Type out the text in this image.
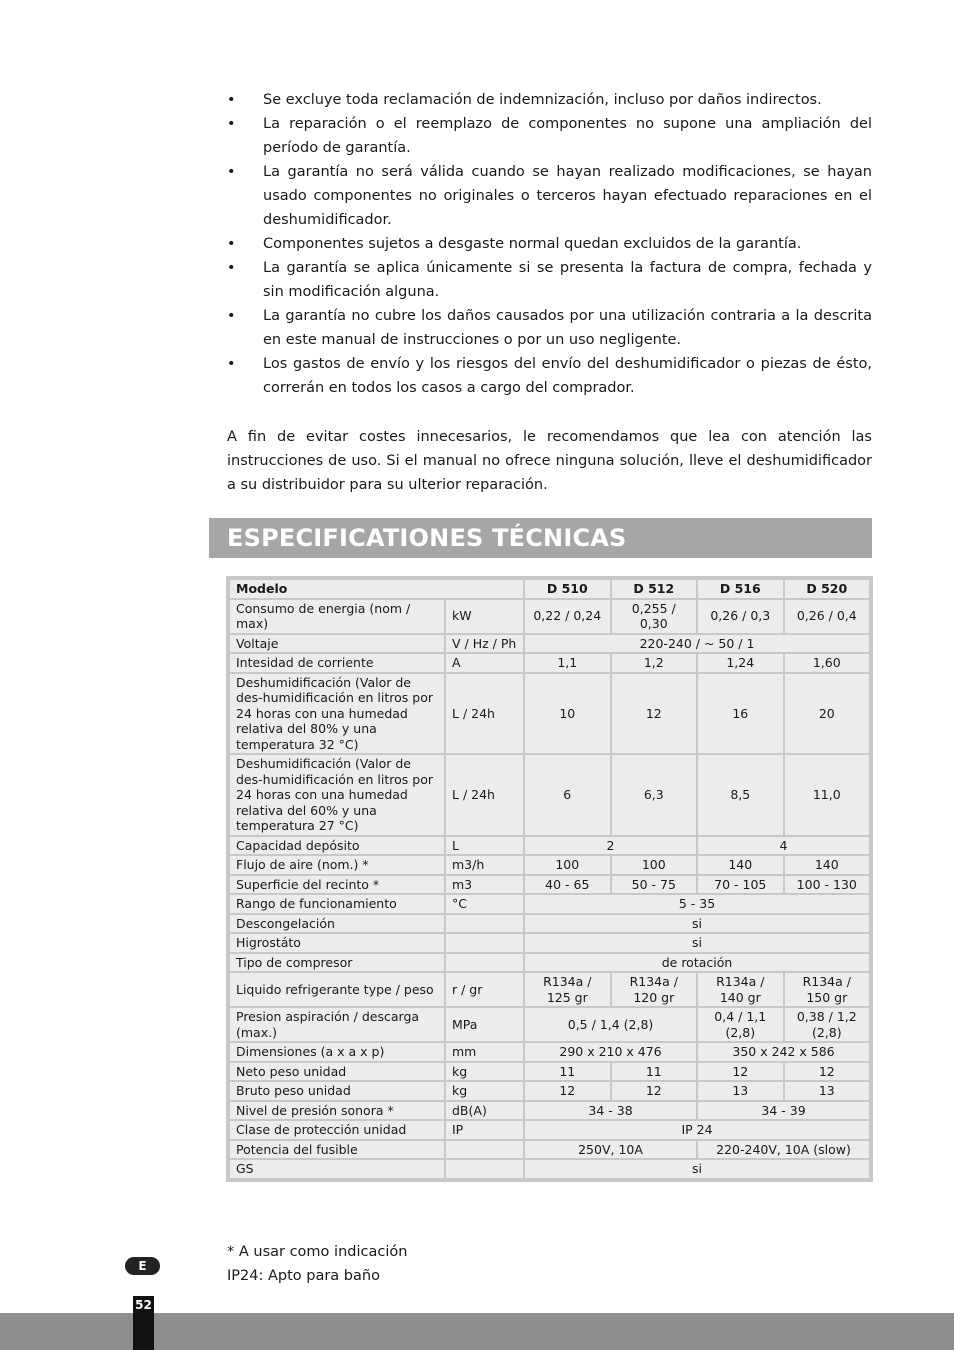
• Se excluye toda reclamación de indemnización, incluso por daños indirectos.
• La reparación o el reemplazo de componentes no supone una ampliación del período de garantía.
• La garantía no será válida cuando se hayan realizado modificaciones, se hayan usado componentes no originales o terceros hayan efectuado reparaciones en el deshumidificador.
• Componentes sujetos a desgaste normal quedan excluidos de la garantía.
• La garantía se aplica únicamente si se presenta la factura de compra, fechada y sin modificación alguna.
• La garantía no cubre los daños causados por una utilización contraria a la descrita en este manual de instrucciones o por un uso negligente.
• Los gastos de envío y los riesgos del envío del deshumidificador o piezas de ésto, correrán en todos los casos a cargo del comprador.

A fin de evitar costes innecesarios, le recomendamos que lea con atención las instrucciones de uso. Si el manual no ofrece ninguna solución, lleve el deshumidificador a su distribuidor para su ulterior reparación.

ESPECIFICATIONES TÉCNICAS
Modelo		D 510	D 512	D 516	D 520
Consumo de energia (nom / max)	kW	0,22 / 0,24	0,255 / 0,30	0,26 / 0,3	0,26 / 0,4
Voltaje	V / Hz / Ph	220-240 / ~ 50 / 1			
Intesidad de corriente	A	1,1	1,2	1,24	1,60
Deshumidificación (Valor de des-humidificación en litros por 24 horas con una humedad relativa del 80% y una temperatura 32 °C)	L / 24h	10	12	16	20
Deshumidificación (Valor de des-humidificación en litros por 24 horas con una humedad relativa del 60% y una temperatura 27 °C)	L / 24h	6	6,3	8,5	11,0
Capacidad depósito	L	2		4	
Flujo de aire (nom.) *	m3/h	100	100	140	140
Superficie del recinto *	m3	40 - 65	50 - 75	70 - 105	100 - 130
Rango de funcionamiento	°C	5 - 35			
Descongelación		si			
Higrostáto		si			
Tipo de compresor		de rotación			
Liquido refrigerante type / peso	r / gr	R134a / 125 gr	R134a / 120 gr	R134a / 140 gr	R134a / 150 gr
Presion aspiración / descarga (max.)	MPa	0,5 / 1,4 (2,8)		0,4 / 1,1 (2,8)	0,38 / 1,2 (2,8)
Dimensiones (a x a x p)	mm	290 x 210 x 476		350 x 242 x 586	
Neto peso unidad	kg	11	11	12	12
Bruto peso unidad	kg	12	12	13	13
Nivel de presión sonora *	dB(A)	34 - 38		34 - 39	
Clase de protección unidad	IP	IP 24			
Potencia del fusible		250V, 10A		220-240V, 10A (slow)	
GS		si			
* A usar como indicación
IP24: Apto para baño
E
52
